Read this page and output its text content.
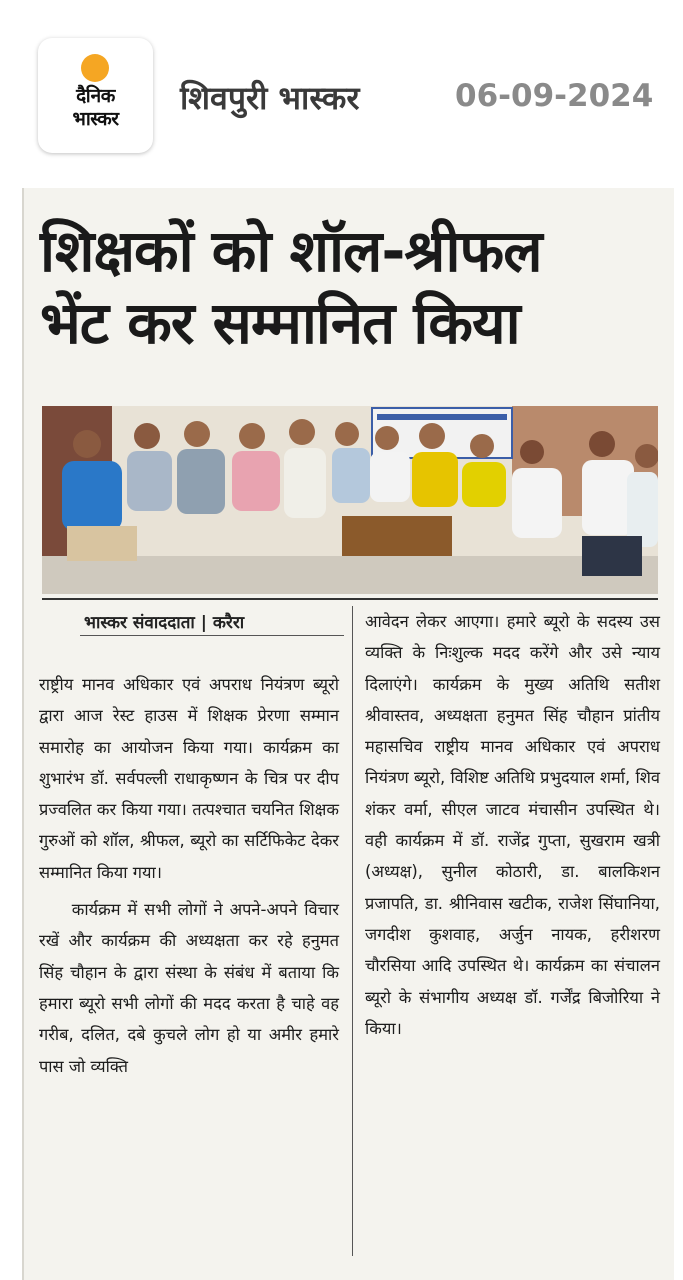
दैनिक
भास्कर
शिवपुरी भास्कर	06-09-2024
शिक्षकों को शॉल-श्रीफल
भेंट कर सम्मानित किया
भास्कर संवाददाता | करैरा

राष्ट्रीय मानव अधिकार एवं अपराध नियंत्रण ब्यूरो द्वारा आज रेस्ट हाउस में शिक्षक प्रेरणा सम्मान समारोह का आयोजन किया गया। कार्यक्रम का शुभारंभ डॉ. सर्वपल्ली राधाकृष्णन के चित्र पर दीप प्रज्वलित कर किया गया। तत्पश्चात चयनित शिक्षक गुरुओं को शॉल, श्रीफल, ब्यूरो का सर्टिफिकेट देकर सम्मानित किया गया।

कार्यक्रम में सभी लोगों ने अपने-अपने विचार रखें और कार्यक्रम की अध्यक्षता कर रहे हनुमत सिंह चौहान के द्वारा संस्था के संबंध में बताया कि हमारा ब्यूरो सभी लोगों की मदद करता है चाहे वह गरीब, दलित, दबे कुचले लोग हो या अमीर हमारे पास जो व्यक्ति

आवेदन लेकर आएगा। हमारे ब्यूरो के सदस्य उस व्यक्ति के निःशुल्क मदद करेंगे और उसे न्याय दिलाएंगे। कार्यक्रम के मुख्य अतिथि सतीश श्रीवास्तव, अध्यक्षता हनुमत सिंह चौहान प्रांतीय महासचिव राष्ट्रीय मानव अधिकार एवं अपराध नियंत्रण ब्यूरो, विशिष्ट अतिथि प्रभुदयाल शर्मा, शिव शंकर वर्मा, सीएल जाटव मंचासीन उपस्थित थे। वही कार्यक्रम में डॉ. राजेंद्र गुप्ता, सुखराम खत्री (अध्यक्ष), सुनील कोठारी, डा. बालकिशन प्रजापति, डा. श्रीनिवास खटीक, राजेश सिंघानिया, जगदीश कुशवाह, अर्जुन नायक, हरीशरण चौरसिया आदि उपस्थित थे। कार्यक्रम का संचालन ब्यूरो के संभागीय अध्यक्ष डॉ. गर्जेंद्र बिजोरिया ने किया।
